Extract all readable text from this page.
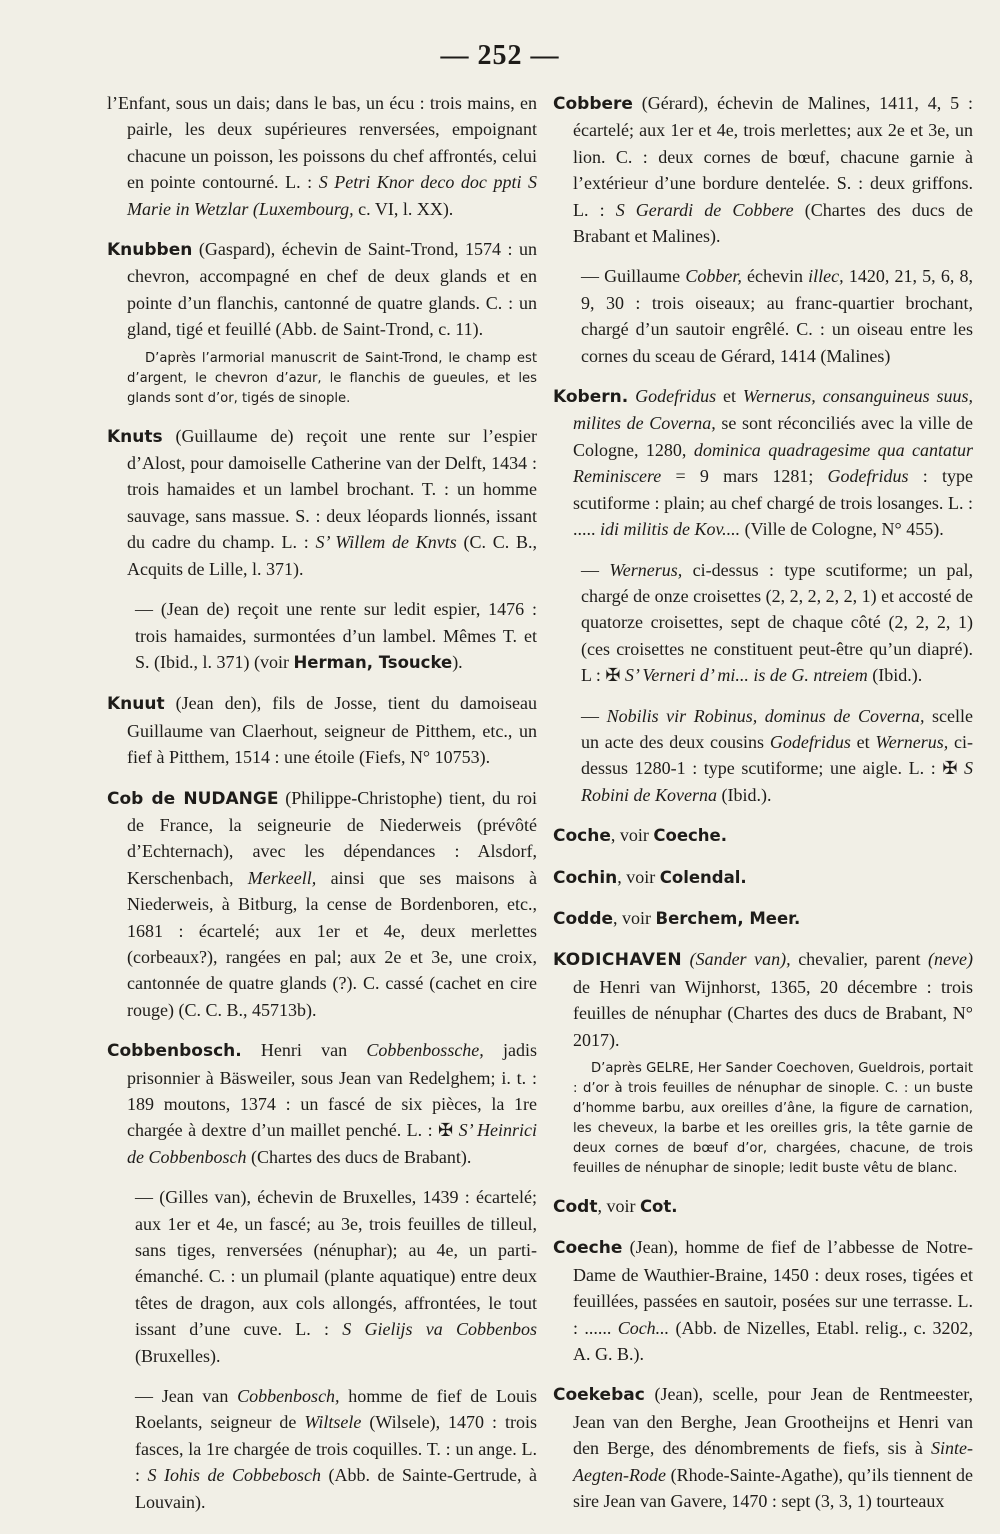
— 252 —

l’Enfant, sous un dais; dans le bas, un écu : trois mains, en pairle, les deux supérieures renversées, empoignant chacune un poisson, les poissons du chef affrontés, celui en pointe contourné. L. : S Petri Knor deco doc ppti S Marie in Wetzlar (Luxembourg, c. VI, l. XX).

Knubben (Gaspard), échevin de Saint-Trond, 1574 : un chevron, accompagné en chef de deux glands et en pointe d’un flanchis, cantonné de quatre glands. C. : un gland, tigé et feuillé (Abb. de Saint-Trond, c. 11).

D’après l’armorial manuscrit de Saint-Trond, le champ est d’argent, le chevron d’azur, le flanchis de gueules, et les glands sont d’or, tigés de sinople.

Knuts (Guillaume de) reçoit une rente sur l’espier d’Alost, pour damoiselle Catherine van der Delft, 1434 : trois hamaides et un lambel brochant. T. : un homme sauvage, sans massue. S. : deux léopards lionnés, issant du cadre du champ. L. : S’ Willem de Knvts (C. C. B., Acquits de Lille, l. 371).

— (Jean de) reçoit une rente sur ledit espier, 1476 : trois hamaides, surmontées d’un lambel. Mêmes T. et S. (Ibid., l. 371) (voir Herman, Tsoucke).

Knuut (Jean den), fils de Josse, tient du damoiseau Guillaume van Claerhout, seigneur de Pitthem, etc., un fief à Pitthem, 1514 : une étoile (Fiefs, N° 10753).

Cob de NUDANGE (Philippe-Christophe) tient, du roi de France, la seigneurie de Niederweis (prévôté d’Echternach), avec les dépendances : Alsdorf, Kerschenbach, Merkeell, ainsi que ses maisons à Niederweis, à Bitburg, la cense de Bordenboren, etc., 1681 : écartelé; aux 1er et 4e, deux merlettes (corbeaux?), rangées en pal; aux 2e et 3e, une croix, cantonnée de quatre glands (?). C. cassé (cachet en cire rouge) (C. C. B., 45713b).

Cobbenbosch. Henri van Cobbenbossche, jadis prisonnier à Bäsweiler, sous Jean van Redelghem; i. t. : 189 moutons, 1374 : un fascé de six pièces, la 1re chargée à dextre d’un maillet penché. L. : ✠ S’ Heinrici de Cobbenbosch (Chartes des ducs de Brabant).

— (Gilles van), échevin de Bruxelles, 1439 : écartelé; aux 1er et 4e, un fascé; au 3e, trois feuilles de tilleul, sans tiges, renversées (nénuphar); au 4e, un parti-émanché. C. : un plumail (plante aquatique) entre deux têtes de dragon, aux cols allongés, affrontées, le tout issant d’une cuve. L. : S Gielijs va Cobbenbos (Bruxelles).

— Jean van Cobbenbosch, homme de fief de Louis Roelants, seigneur de Wiltsele (Wilsele), 1470 : trois fasces, la 1re chargée de trois coquilles. T. : un ange. L. : S Iohis de Cobbebosch (Abb. de Sainte-Gertrude, à Louvain).

Cobbere (Gérard), échevin de Malines, 1411, 4, 5 : écartelé; aux 1er et 4e, trois merlettes; aux 2e et 3e, un lion. C. : deux cornes de bœuf, chacune garnie à l’extérieur d’une bordure dentelée. S. : deux griffons. L. : S Gerardi de Cobbere (Chartes des ducs de Brabant et Malines).

— Guillaume Cobber, échevin illec, 1420, 21, 5, 6, 8, 9, 30 : trois oiseaux; au franc-quartier brochant, chargé d’un sautoir engrêlé. C. : un oiseau entre les cornes du sceau de Gérard, 1414 (Malines)

Kobern. Godefridus et Wernerus, consanguineus suus, milites de Coverna, se sont réconciliés avec la ville de Cologne, 1280, dominica quadragesime qua cantatur Reminiscere = 9 mars 1281; Godefridus : type scutiforme : plain; au chef chargé de trois losanges. L. : ..... idi militis de Kov.... (Ville de Cologne, N° 455).

— Wernerus, ci-dessus : type scutiforme; un pal, chargé de onze croisettes (2, 2, 2, 2, 2, 1) et accosté de quatorze croisettes, sept de chaque côté (2, 2, 2, 1) (ces croisettes ne constituent peut-être qu’un diapré). L : ✠ S’ Verneri d’ mi... is de G. ntreiem (Ibid.).

— Nobilis vir Robinus, dominus de Coverna, scelle un acte des deux cousins Godefridus et Wernerus, ci-dessus 1280-1 : type scutiforme; une aigle. L. : ✠ S Robini de Koverna (Ibid.).

Coche, voir Coeche.

Cochin, voir Colendal.

Codde, voir Berchem, Meer.

KODICHAVEN (Sander van), chevalier, parent (neve) de Henri van Wijnhorst, 1365, 20 décembre : trois feuilles de nénuphar (Chartes des ducs de Brabant, N° 2017).

D’après GELRE, Her Sander Coechoven, Gueldrois, portait : d’or à trois feuilles de nénuphar de sinople. C. : un buste d’homme barbu, aux oreilles d’âne, la figure de carnation, les cheveux, la barbe et les oreilles gris, la tête garnie de deux cornes de bœuf d’or, chargées, chacune, de trois feuilles de nénuphar de sinople; ledit buste vêtu de blanc.

Codt, voir Cot.

Coeche (Jean), homme de fief de l’abbesse de Notre-Dame de Wauthier-Braine, 1450 : deux roses, tigées et feuillées, passées en sautoir, posées sur une terrasse. L. : ...... Coch... (Abb. de Nizelles, Etabl. relig., c. 3202, A. G. B.).

Coekebac (Jean), scelle, pour Jean de Rentmeester, Jean van den Berghe, Jean Grootheijns et Henri van den Berge, des dénombrements de fiefs, sis à Sinte-Aegten-Rode (Rhode-Sainte-Agathe), qu’ils tiennent de sire Jean van Gavere, 1470 : sept (3, 3, 1) tourteaux
